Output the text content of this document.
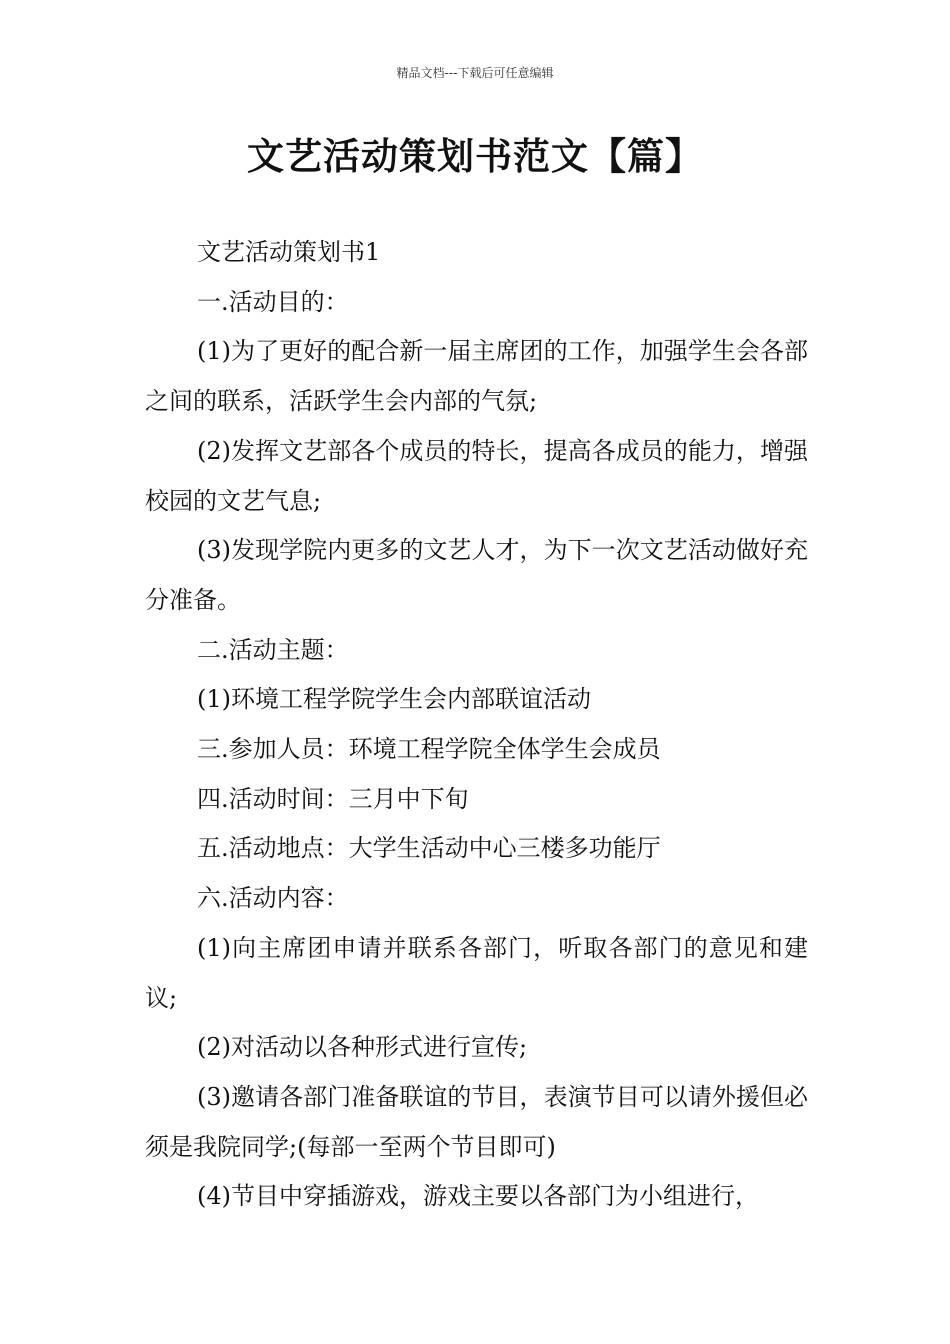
精品文档---下载后可任意编辑
文艺活动策划书范文【篇】

文艺活动策划书1

一.活动目的：

(1)为了更好的配合新一届主席团的工作，加强学生会各部之间的联系，活跃学生会内部的气氛;

(2)发挥文艺部各个成员的特长，提高各成员的能力，增强校园的文艺气息;

(3)发现学院内更多的文艺人才，为下一次文艺活动做好充分准备。

二.活动主题：

(1)环境工程学院学生会内部联谊活动

三.参加人员：环境工程学院全体学生会成员

四.活动时间：三月中下旬

五.活动地点：大学生活动中心三楼多功能厅

六.活动内容：

(1)向主席团申请并联系各部门，听取各部门的意见和建议;

(2)对活动以各种形式进行宣传;

(3)邀请各部门准备联谊的节目，表演节目可以请外援但必须是我院同学;(每部一至两个节目即可)

(4)节目中穿插游戏，游戏主要以各部门为小组进行，
